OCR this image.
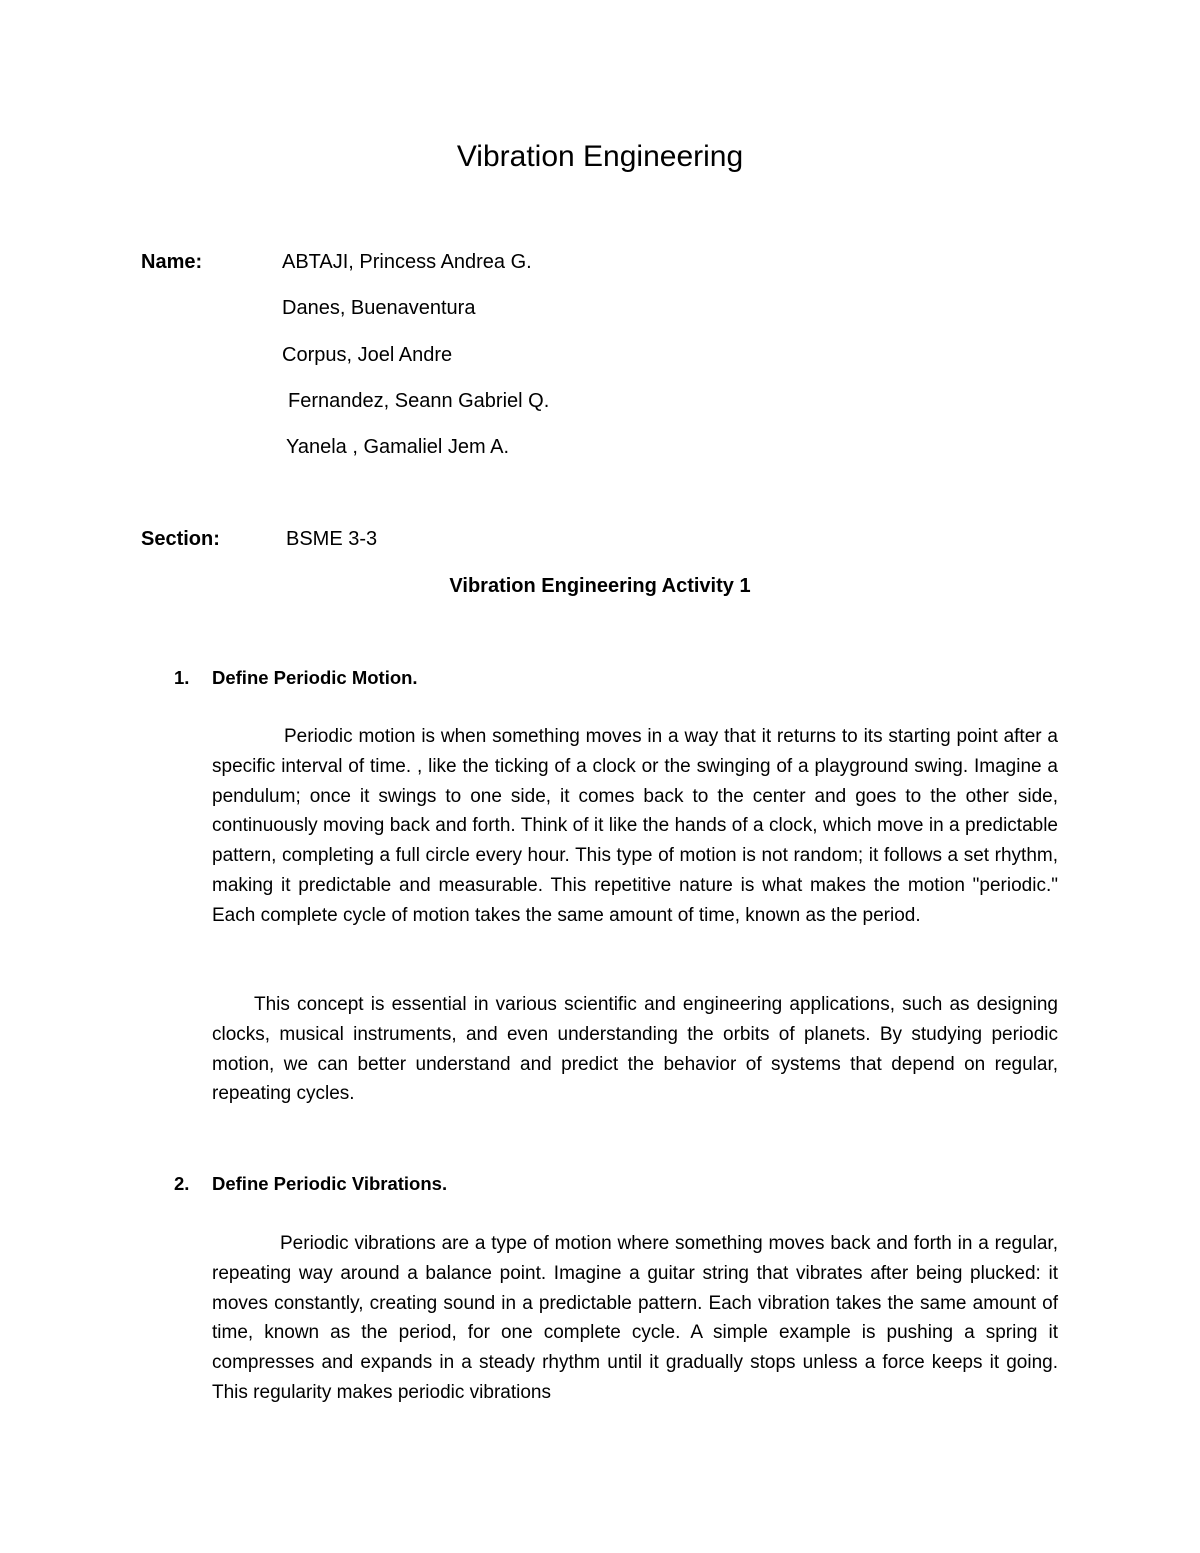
Vibration Engineering
Name:	ABTAJI, Princess Andrea G.
Danes, Buenaventura
Corpus, Joel Andre
Fernandez, Seann Gabriel Q.
Yanela , Gamaliel Jem A.
Section:	BSME 3-3
Vibration Engineering Activity 1
1. Define Periodic Motion.

Periodic motion is when something moves in a way that it returns to its starting point after a specific interval of time. , like the ticking of a clock or the swinging of a playground swing. Imagine a pendulum; once it swings to one side, it comes back to the center and goes to the other side, continuously moving back and forth. Think of it like the hands of a clock, which move in a predictable pattern, completing a full circle every hour. This type of motion is not random; it follows a set rhythm, making it predictable and measurable. This repetitive nature is what makes the motion "periodic." Each complete cycle of motion takes the same amount of time, known as the period.

This concept is essential in various scientific and engineering applications, such as designing clocks, musical instruments, and even understanding the orbits of planets. By studying periodic motion, we can better understand and predict the behavior of systems that depend on regular, repeating cycles.

2. Define Periodic Vibrations.

Periodic vibrations are a type of motion where something moves back and forth in a regular, repeating way around a balance point. Imagine a guitar string that vibrates after being plucked: it moves constantly, creating sound in a predictable pattern. Each vibration takes the same amount of time, known as the period, for one complete cycle. A simple example is pushing a spring it compresses and expands in a steady rhythm until it gradually stops unless a force keeps it going. This regularity makes periodic vibrations
